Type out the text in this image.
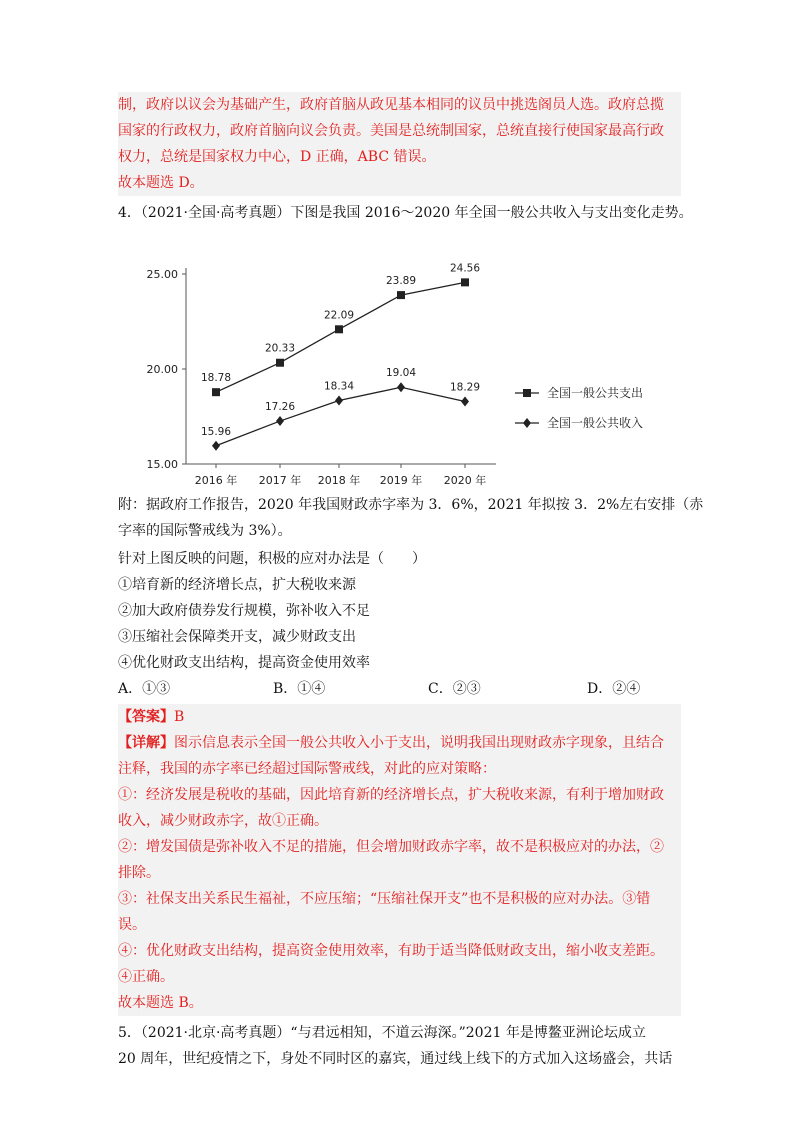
制，政府以议会为基础产生，政府首脑从政见基本相同的议员中挑选阁员人选。政府总揽

国家的行政权力，政府首脑向议会负责。美国是总统制国家，总统直接行使国家最高行政

权力，总统是国家权力中心，D 正确，ABC 错误。

故本题选 D。

4．（2021·全国·高考真题）下图是我国 2016～2020 年全国一般公共收入与支出变化走势。

15.00
20.00
25.00
2016 年 2017 年 2018 年 2019 年 2020 年
18.78
20.33
22.09
23.89
24.56
15.96
17.26
18.34
19.04
18.29	全国一般公共支出
全国一般公共收入

附：据政府工作报告，2020 年我国财政赤字率为 3．6%，2021 年拟按 3．2%左右安排（赤

字率的国际警戒线为 3%）。

针对上图反映的问题，积极的应对办法是（　　）

①培育新的经济增长点，扩大税收来源

②加大政府债券发行规模，弥补收入不足

③压缩社会保障类开支，减少财政支出

④优化财政支出结构，提高资金使用效率

A．①③	B．①④	C．②③	D．②④

【答案】B

【详解】图示信息表示全国一般公共收入小于支出，说明我国出现财政赤字现象，且结合

注释，我国的赤字率已经超过国际警戒线，对此的应对策略：

①：经济发展是税收的基础，因此培育新的经济增长点，扩大税收来源，有利于增加财政

收入，减少财政赤字，故①正确。

②：增发国债是弥补收入不足的措施，但会增加财政赤字率，故不是积极应对的办法，②

排除。

③：社保支出关系民生福祉，不应压缩；“压缩社保开支”也不是积极的应对办法。③错

误。

④：优化财政支出结构，提高资金使用效率，有助于适当降低财政支出，缩小收支差距。

④正确。

故本题选 B。

5．（2021·北京·高考真题）“与君远相知，不道云海深。”2021 年是博鳌亚洲论坛成立

20 周年，世纪疫情之下，身处不同时区的嘉宾，通过线上线下的方式加入这场盛会，共话
